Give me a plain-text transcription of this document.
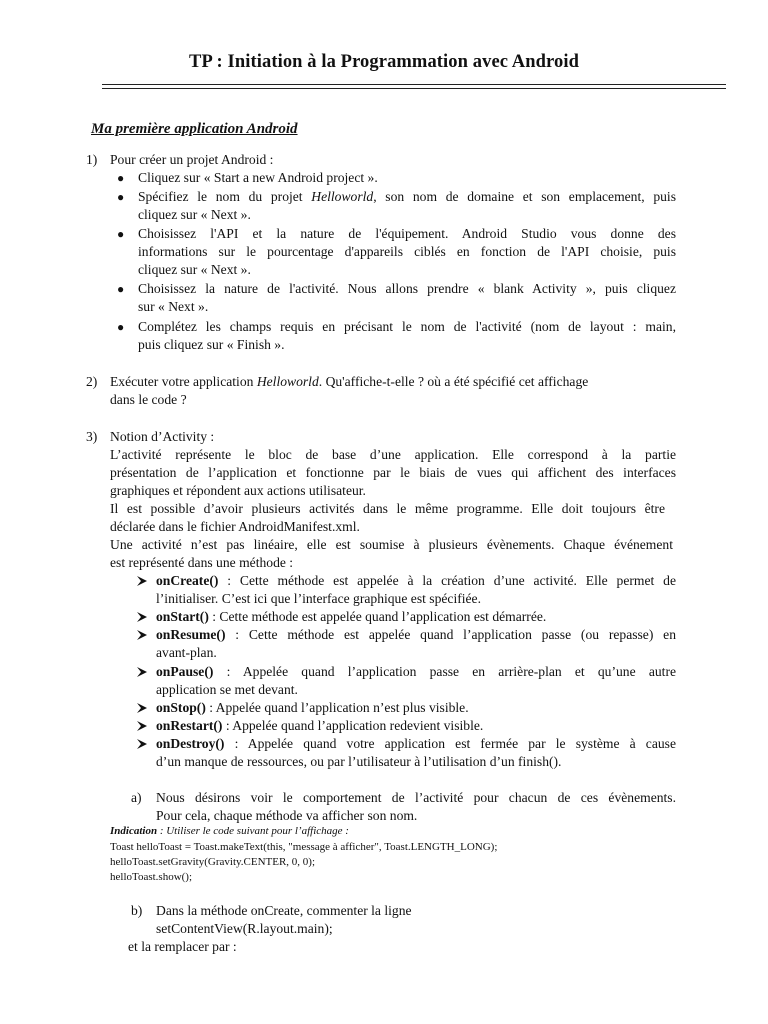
TP : Initiation à la Programmation avec Android
Ma première application Android
1) Pour créer un projet Android :
● Cliquez sur « Start a new Android project ».
● Spécifiez le nom du projet Helloworld, son nom de domaine et son emplacement, puis
cliquez sur « Next ».
● Choisissez l'API et la nature de l'équipement. Android Studio vous donne des
informations sur le pourcentage d'appareils ciblés en fonction de l'API choisie, puis
cliquez sur « Next ».
● Choisissez la nature de l'activité. Nous allons prendre « blank Activity », puis cliquez
sur « Next ».
● Complétez les champs requis en précisant le nom de l'activité (nom de layout : main,
puis cliquez sur « Finish ».
2) Exécuter votre application Helloworld. Qu'affiche-t-elle ? où a été spécifié cet affichage
dans le code ?
3) Notion d’Activity :
L’activité représente le bloc de base d’une application. Elle correspond à la partie
présentation de l’application et fonctionne par le biais de vues qui affichent des interfaces
graphiques et répondent aux actions utilisateur.
Il est possible d’avoir plusieurs activités dans le même programme. Elle doit toujours être
déclarée dans le fichier AndroidManifest.xml.
Une activité n’est pas linéaire, elle est soumise à plusieurs évènements. Chaque événement
est représenté dans une méthode :
onCreate() : Cette méthode est appelée à la création d’une activité. Elle permet de
l’initialiser. C’est ici que l’interface graphique est spécifiée.
onStart() : Cette méthode est appelée quand l’application est démarrée.
onResume() : Cette méthode est appelée quand l’application passe (ou repasse) en
avant-plan.
onPause() : Appelée quand l’application passe en arrière-plan et qu’une autre
application se met devant.
onStop() : Appelée quand l’application n’est plus visible.
onRestart() : Appelée quand l’application redevient visible.
onDestroy() : Appelée quand votre application est fermée par le système à cause
d’un manque de ressources, ou par l’utilisateur à l’utilisation d’un finish().
a) Nous désirons voir le comportement de l’activité pour chacun de ces évènements.
Pour cela, chaque méthode va afficher son nom.
Indication : Utiliser le code suivant pour l’affichage :
Toast helloToast = Toast.makeText(this, "message à afficher", Toast.LENGTH_LONG);
helloToast.setGravity(Gravity.CENTER, 0, 0);
helloToast.show();
b) Dans la méthode onCreate, commenter la ligne
setContentView(R.layout.main);
et la remplacer par :
